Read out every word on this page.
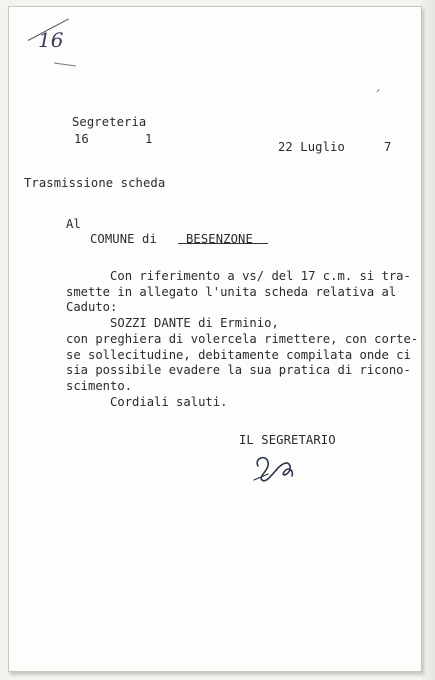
16
ᐟ
Segreteria
16	1
22 Luglio	7
Trasmissione scheda
Al
COMUNE di BESENZONE
Con riferimento a vs/ del 17 c.m. si tra-
smette in allegato l'unita scheda relativa al
Caduto:
SOZZI DANTE di Erminio,
con preghiera di volercela rimettere, con corte-
se sollecitudine, debitamente compilata onde ci
sia possibile evadere la sua pratica di ricono-
scimento.
Cordiali saluti.
IL SEGRETARIO
